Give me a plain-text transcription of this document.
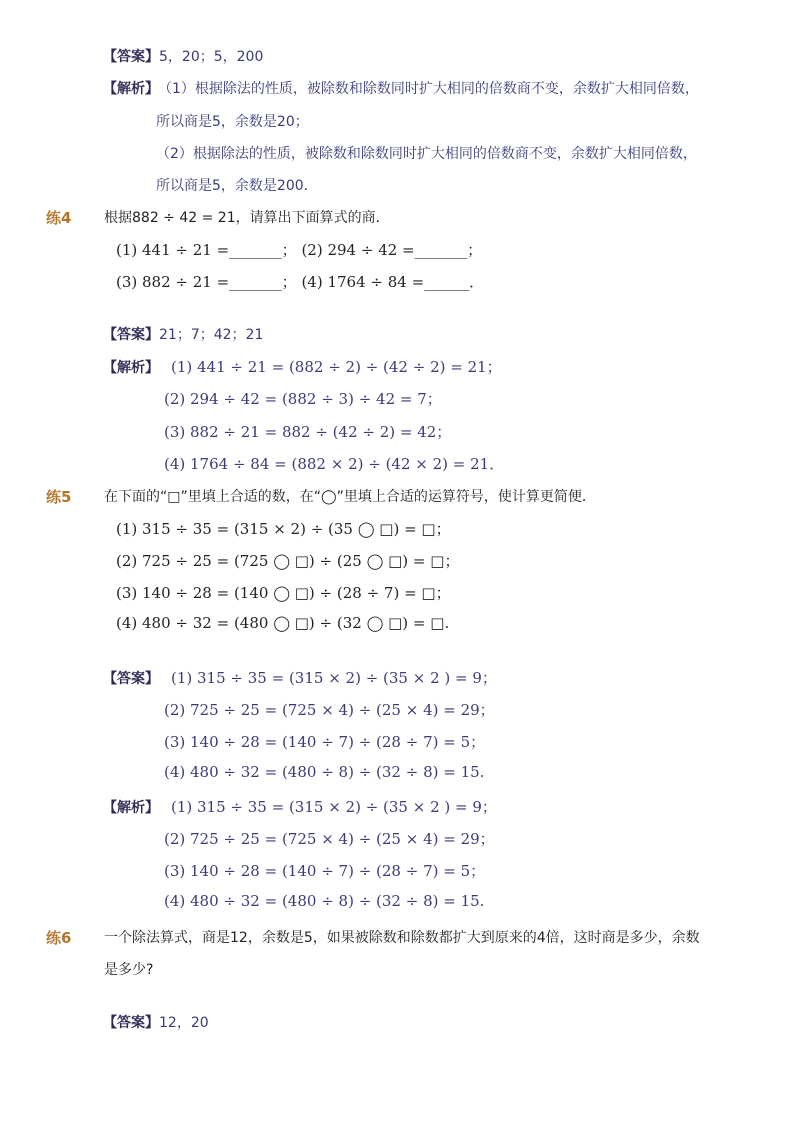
【答案】5，20；5，200
【解析】 （1）根据除法的性质，被除数和除数同时扩大相同的倍数商不变，余数扩大相同倍数，
所以商是5，余数是20；
（2）根据除法的性质，被除数和除数同时扩大相同的倍数商不变，余数扩大相同倍数，
所以商是5，余数是200．
练4 根据882 ÷ 42 = 21，请算出下面算式的商．
(1) 441 ÷ 21 =_______； (2) 294 ÷ 42 =_______；
(3) 882 ÷ 21 =_______； (4) 1764 ÷ 84 =______．
【答案】21；7；42；21
【解析】 (1) 441 ÷ 21 = (882 ÷ 2) ÷ (42 ÷ 2) = 21；
(2) 294 ÷ 42 = (882 ÷ 3) ÷ 42 = 7；
(3) 882 ÷ 21 = 882 ÷ (42 ÷ 2) = 42；
(4) 1764 ÷ 84 = (882 × 2) ÷ (42 × 2) = 21．
练5 在下面的“□”里填上合适的数，在“◯”里填上合适的运算符号，使计算更简便．
(1) 315 ÷ 35 = (315 × 2) ÷ (35 ◯ □) = □；
(2) 725 ÷ 25 = (725 ◯ □) ÷ (25 ◯ □) = □；
(3) 140 ÷ 28 = (140 ◯ □) ÷ (28 ÷ 7) = □；
(4) 480 ÷ 32 = (480 ◯ □) ÷ (32 ◯ □) = □.
【答案】 (1) 315 ÷ 35 = (315 × 2) ÷ (35 × 2 ) = 9；
(2) 725 ÷ 25 = (725 × 4) ÷ (25 × 4) = 29；
(3) 140 ÷ 28 = (140 ÷ 7) ÷ (28 ÷ 7) = 5；
(4) 480 ÷ 32 = (480 ÷ 8) ÷ (32 ÷ 8) = 15.
【解析】 (1) 315 ÷ 35 = (315 × 2) ÷ (35 × 2 ) = 9；
(2) 725 ÷ 25 = (725 × 4) ÷ (25 × 4) = 29；
(3) 140 ÷ 28 = (140 ÷ 7) ÷ (28 ÷ 7) = 5；
(4) 480 ÷ 32 = (480 ÷ 8) ÷ (32 ÷ 8) = 15.
练6 一个除法算式，商是12，余数是5，如果被除数和除数都扩大到原来的4倍，这时商是多少，余数
是多少?
【答案】12，20
